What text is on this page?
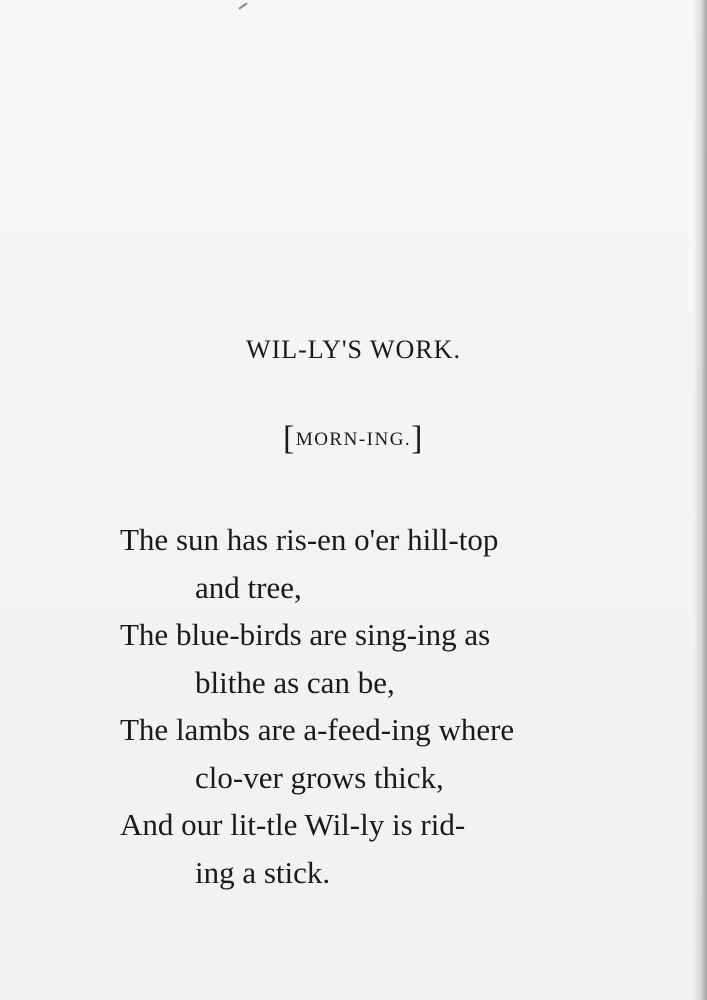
WIL-LY'S WORK.
[MORN-ING.]
The sun has ris-en o'er hill-top
and tree,
The blue-birds are sing-ing as
blithe as can be,
The lambs are a-feed-ing where
clo-ver grows thick,
And our lit-tle Wil-ly is rid-
ing a stick.
